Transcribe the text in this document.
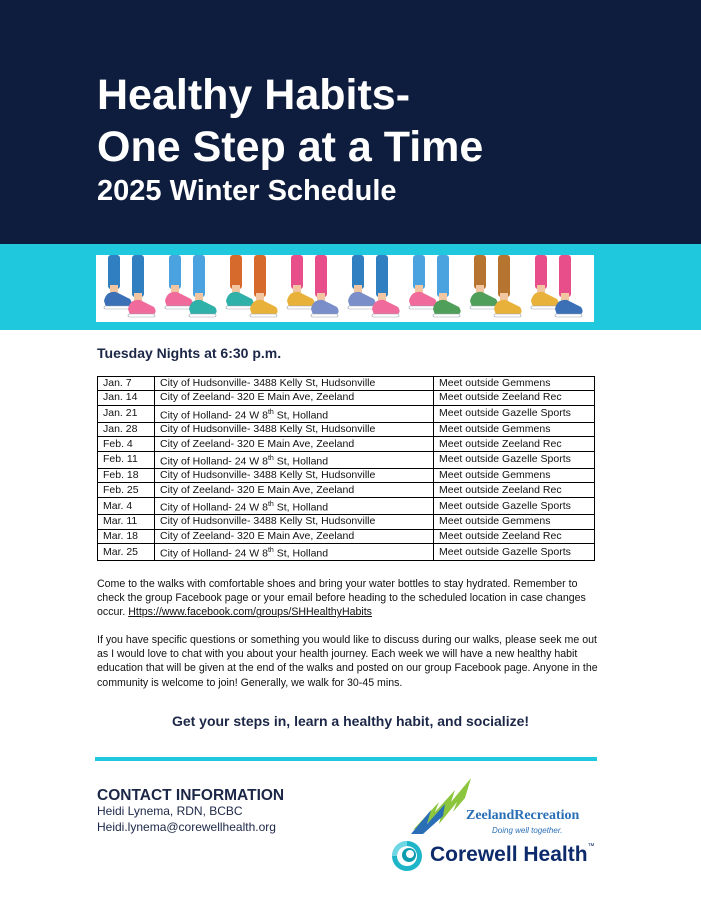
Healthy Habits-
One Step at a Time
2025 Winter Schedule
Tuesday Nights at 6:30 p.m.
Jan. 7	City of Hudsonville- 3488 Kelly St, Hudsonville	Meet outside Gemmens
Jan. 14	City of Zeeland- 320 E Main Ave, Zeeland	Meet outside Zeeland Rec
Jan. 21	City of Holland- 24 W 8th St, Holland	Meet outside Gazelle Sports
Jan. 28	City of Hudsonville- 3488 Kelly St, Hudsonville	Meet outside Gemmens
Feb. 4	City of Zeeland- 320 E Main Ave, Zeeland	Meet outside Zeeland Rec
Feb. 11	City of Holland- 24 W 8th St, Holland	Meet outside Gazelle Sports
Feb. 18	City of Hudsonville- 3488 Kelly St, Hudsonville	Meet outside Gemmens
Feb. 25	City of Zeeland- 320 E Main Ave, Zeeland	Meet outside Zeeland Rec
Mar. 4	City of Holland- 24 W 8th St, Holland	Meet outside Gazelle Sports
Mar. 11	City of Hudsonville- 3488 Kelly St, Hudsonville	Meet outside Gemmens
Mar. 18	City of Zeeland- 320 E Main Ave, Zeeland	Meet outside Zeeland Rec
Mar. 25	City of Holland- 24 W 8th St, Holland	Meet outside Gazelle Sports
Come to the walks with comfortable shoes and bring your water bottles to stay hydrated. Remember to check the group Facebook page or your email before heading to the scheduled location in case changes occur. Https://www.facebook.com/groups/SHHealthyHabits
If you have specific questions or something you would like to discuss during our walks, please seek me out as I would love to chat with you about your health journey. Each week we will have a new healthy habit education that will be given at the end of the walks and posted on our group Facebook page. Anyone in the community is welcome to join! Generally, we walk for 30-45 mins.
Get your steps in, learn a healthy habit, and socialize!
CONTACT INFORMATION
Heidi Lynema, RDN, BCBC
Heidi.lynema@corewellhealth.org
ZeelandRecreation
Doing well together.
Corewell Health™
